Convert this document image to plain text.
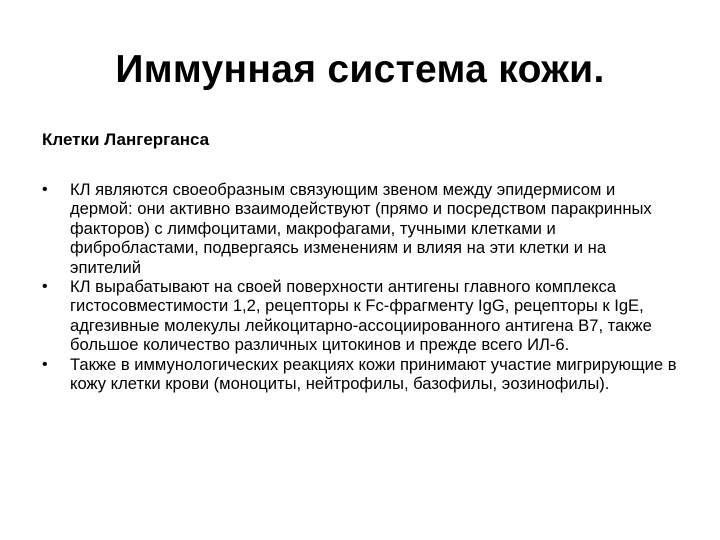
Иммунная система кожи.
Клетки Лангерганса
•	КЛ являются своеобразным связующим звеном между эпидермисом и дермой: они активно взаимодействуют (прямо и посредством паракринных факторов) с лимфоцитами, макрофагами, тучными клетками и фибробластами, подвергаясь изменениям и влияя на эти клетки и на эпителий
•	КЛ вырабатывают на своей поверхности антигены главного комплекса гистосовместимости 1,2, рецепторы к Fc-фрагменту IgG, рецепторы к IgE, адгезивные молекулы лейкоцитарно-ассоциированного антигена В7, также большое количество различных цитокинов и прежде всего ИЛ-6.
•	Также в иммунологических реакциях кожи принимают участие мигрирующие в кожу клетки крови (моноциты, нейтрофилы, базофилы, эозинофилы).
